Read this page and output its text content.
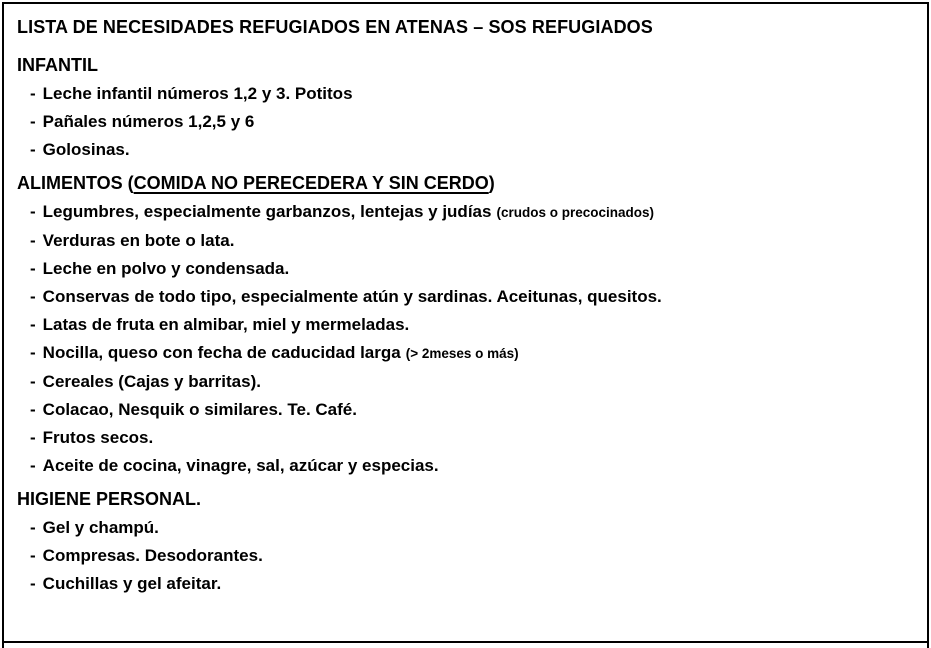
LISTA DE NECESIDADES REFUGIADOS EN ATENAS – SOS REFUGIADOS
INFANTIL
- Leche infantil números 1,2 y 3. Potitos
- Pañales números 1,2,5 y 6
- Golosinas.
ALIMENTOS (COMIDA NO PERECEDERA Y SIN CERDO)
- Legumbres, especialmente garbanzos, lentejas y judías (crudos o precocinados)
- Verduras en bote o lata.
- Leche en polvo y condensada.
- Conservas de todo tipo, especialmente atún y sardinas. Aceitunas, quesitos.
- Latas de fruta en almibar, miel y mermeladas.
- Nocilla, queso con fecha de caducidad larga (> 2meses o más)
- Cereales (Cajas y barritas).
- Colacao, Nesquik o similares. Te. Café.
- Frutos secos.
- Aceite de cocina, vinagre, sal, azúcar y especias.
HIGIENE PERSONAL.
- Gel y champú.
- Compresas. Desodorantes.
- Cuchillas y gel afeitar.
